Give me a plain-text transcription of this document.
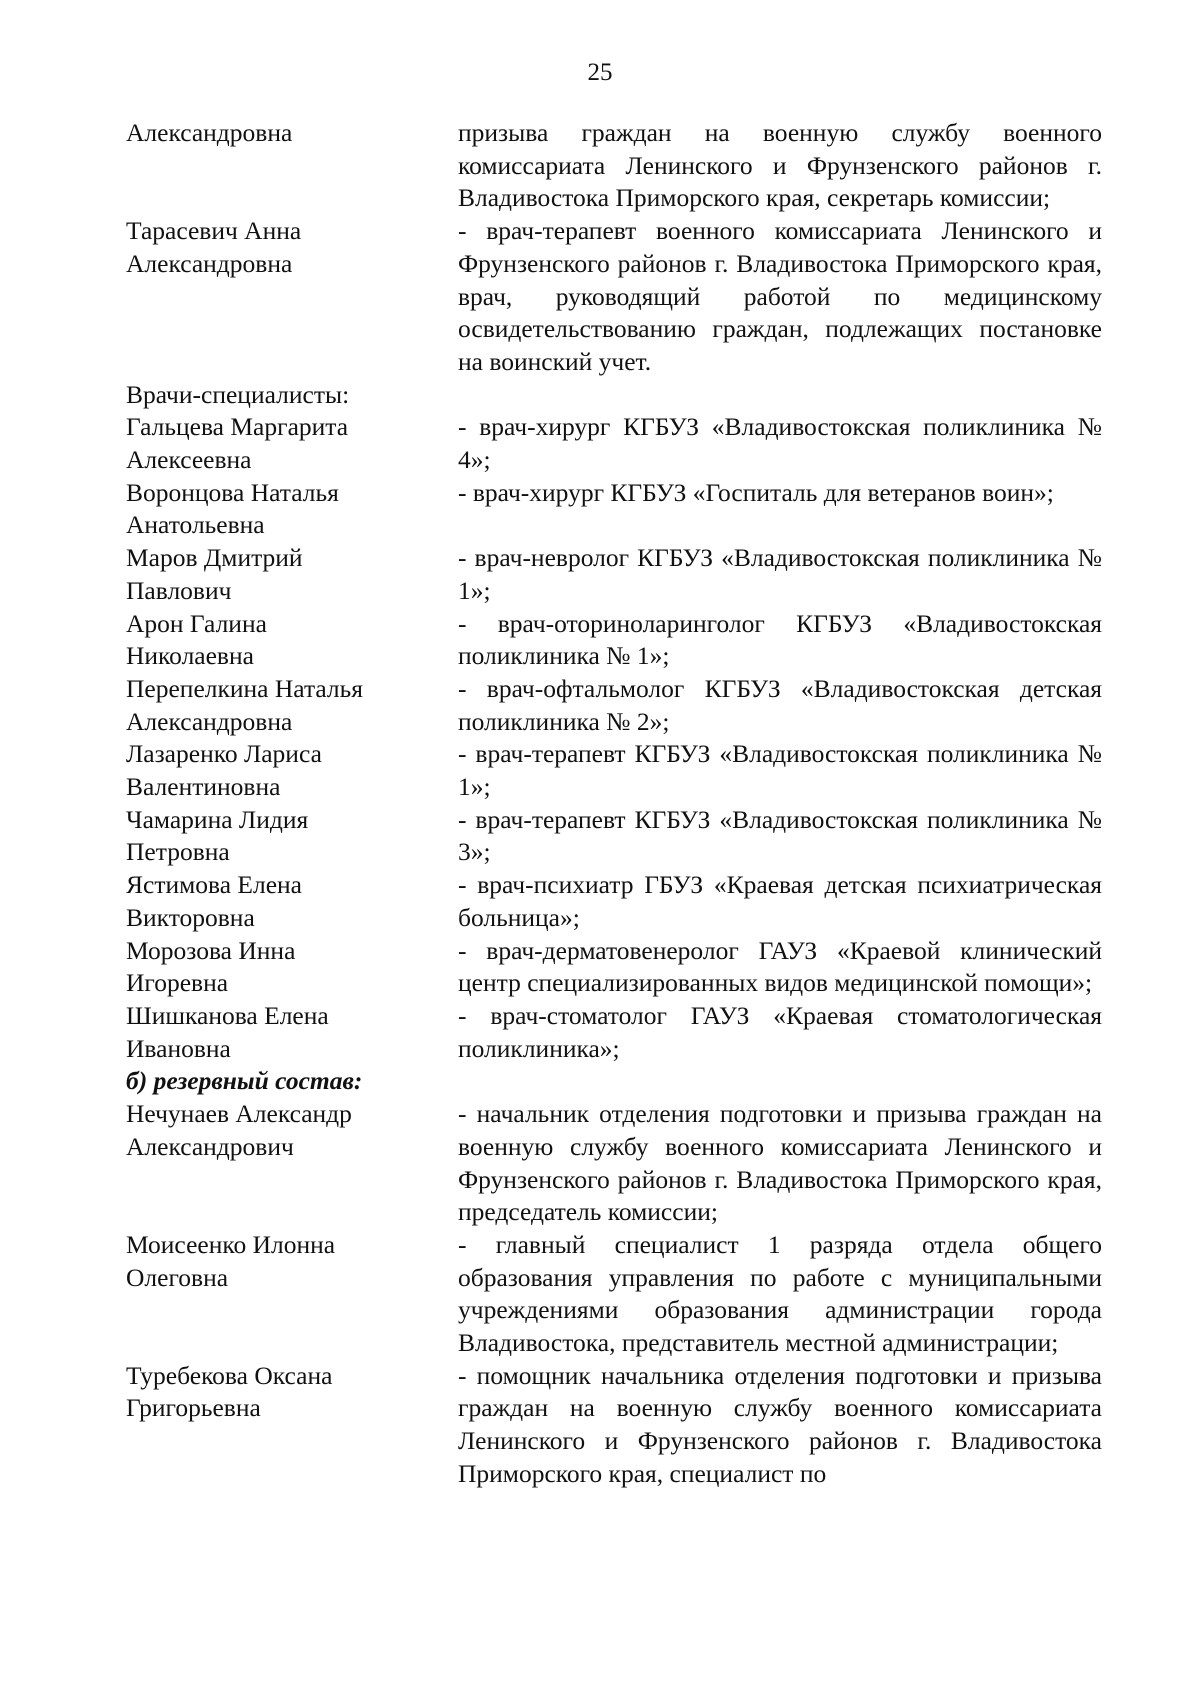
25
Александровна	призыва граждан на военную службу военного комиссариата Ленинского и Фрунзенского районов г. Владивостока Приморского края, секретарь комиссии;
Тарасевич Анна
Александровна
- врач-терапевт военного комиссариата Ленинского и Фрунзенского районов г. Владивостока Приморского края, врач, руководящий работой по медицинскому освидетельствованию граждан, подлежащих постановке на воинский учет.
Врачи-специалисты:
Гальцева Маргарита
Алексеевна
- врач-хирург КГБУЗ «Владивостокская поликлиника № 4»;
Воронцова Наталья
Анатольевна
- врач-хирург КГБУЗ «Госпиталь для ветеранов воин»;
Маров Дмитрий
Павлович
- врач-невролог КГБУЗ «Владивостокская поликлиника № 1»;
Арон Галина
Николаевна
- врач-оториноларинголог КГБУЗ «Владивостокская поликлиника № 1»;
Перепелкина Наталья
Александровна
- врач-офтальмолог КГБУЗ «Владивостокская детская поликлиника № 2»;
Лазаренко Лариса
Валентиновна
- врач-терапевт КГБУЗ «Владивостокская поликлиника № 1»;
Чамарина Лидия
Петровна
- врач-терапевт КГБУЗ «Владивостокская поликлиника № 3»;
Ястимова Елена
Викторовна
- врач-психиатр ГБУЗ «Краевая детская психиатрическая больница»;
Морозова Инна
Игоревна
- врач-дерматовенеролог ГАУЗ «Краевой клинический центр специализированных видов медицинской помощи»;
Шишканова Елена
Ивановна
- врач-стоматолог ГАУЗ «Краевая стоматологическая поликлиника»;
б) резервный состав:
Нечунаев Александр
Александрович
- начальник отделения подготовки и призыва граждан на военную службу военного комиссариата Ленинского и Фрунзенского районов г. Владивостока Приморского края, председатель комиссии;
Моисеенко Илонна
Олеговна
- главный специалист 1 разряда отдела общего образования управления по работе с муниципальными учреждениями образования администрации города Владивостока, представитель местной администрации;
Туребекова Оксана
Григорьевна
- помощник начальника отделения подготовки и призыва граждан на военную службу военного комиссариата Ленинского и Фрунзенского районов г. Владивостока Приморского края, специалист по
